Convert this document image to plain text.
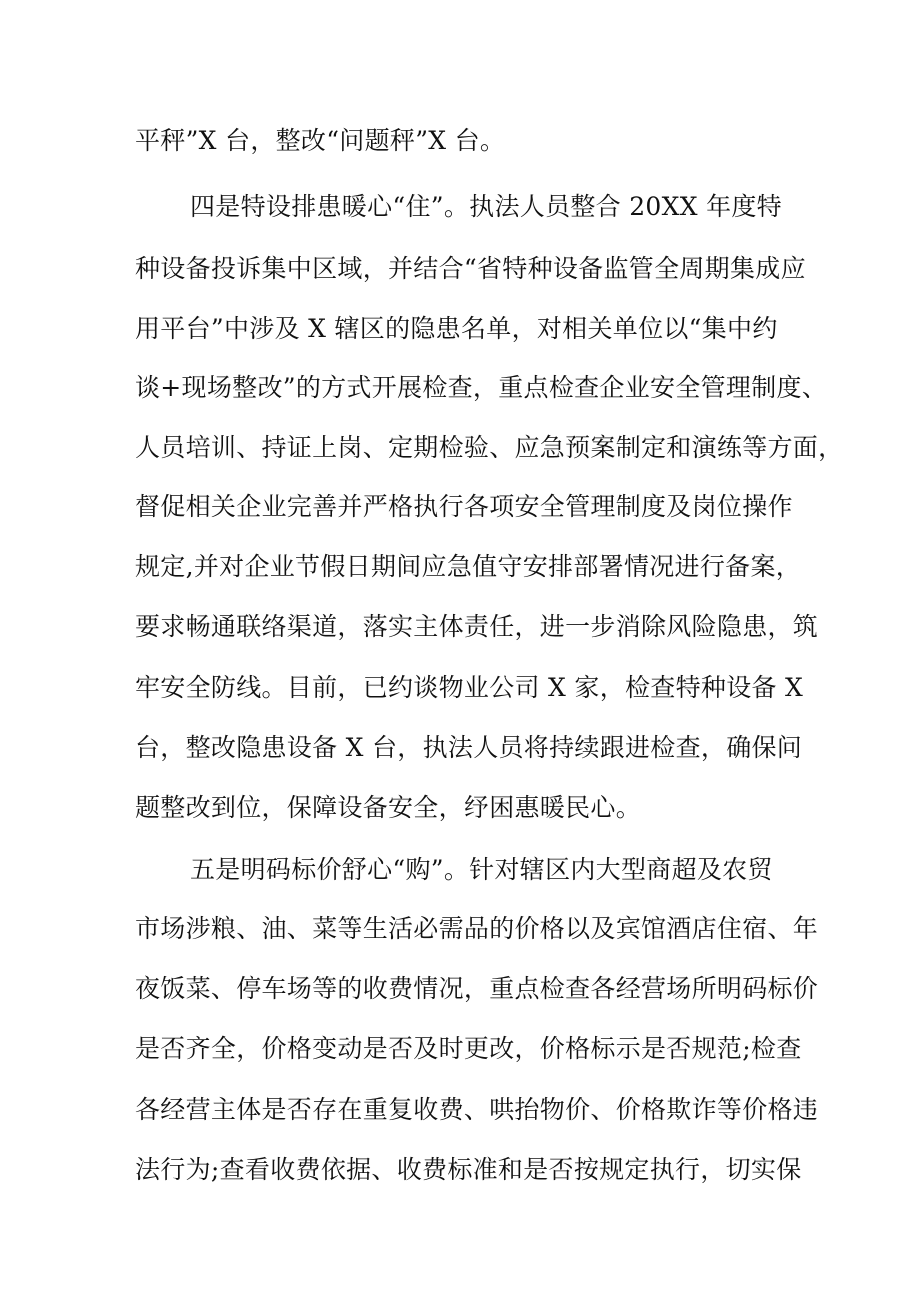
平秤”X 台，整改“问题秤”X 台。
四是特设排患暖心“住”。执法人员整合 20XX 年度特
种设备投诉集中区域，并结合“省特种设备监管全周期集成应
用平台”中涉及 X 辖区的隐患名单，对相关单位以“集中约
谈+现场整改”的方式开展检查，重点检查企业安全管理制度、
人员培训、持证上岗、定期检验、应急预案制定和演练等方面，
督促相关企业完善并严格执行各项安全管理制度及岗位操作
规定,并对企业节假日期间应急值守安排部署情况进行备案，
要求畅通联络渠道，落实主体责任，进一步消除风险隐患，筑
牢安全防线。目前，已约谈物业公司 X 家，检查特种设备 X
台，整改隐患设备 X 台，执法人员将持续跟进检查，确保问
题整改到位，保障设备安全，纾困惠暖民心。
五是明码标价舒心“购”。针对辖区内大型商超及农贸
市场涉粮、油、菜等生活必需品的价格以及宾馆酒店住宿、年
夜饭菜、停车场等的收费情况，重点检查各经营场所明码标价
是否齐全，价格变动是否及时更改，价格标示是否规范;检查
各经营主体是否存在重复收费、哄抬物价、价格欺诈等价格违
法行为;查看收费依据、收费标准和是否按规定执行，切实保
